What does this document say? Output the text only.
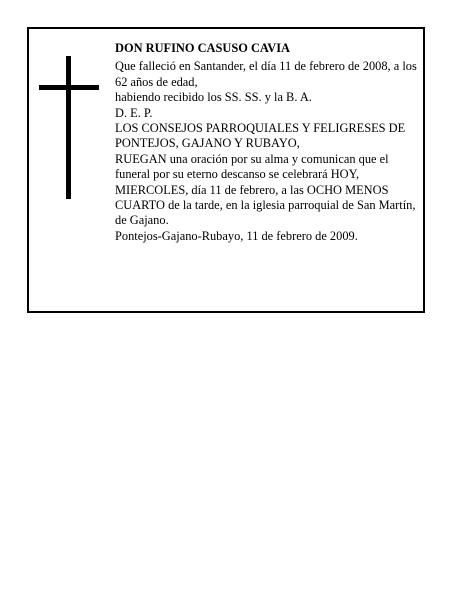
DON RUFINO CASUSO CAVIA

Que falleció en Santander, el día 11 de febrero de 2008, a los 62 años de edad,

habiendo recibido los SS. SS. y la B. A.

D. E. P.

LOS CONSEJOS PARROQUIALES Y FELIGRESES DE PONTEJOS, GAJANO Y RUBAYO,

RUEGAN una oración por su alma y comunican que el funeral por su eterno descanso se celebrará HOY, MIERCOLES, día 11 de febrero, a las OCHO MENOS CUARTO de la tarde, en la iglesia parroquial de San Martín, de Gajano.

Pontejos-Gajano-Rubayo, 11 de febrero de 2009.
